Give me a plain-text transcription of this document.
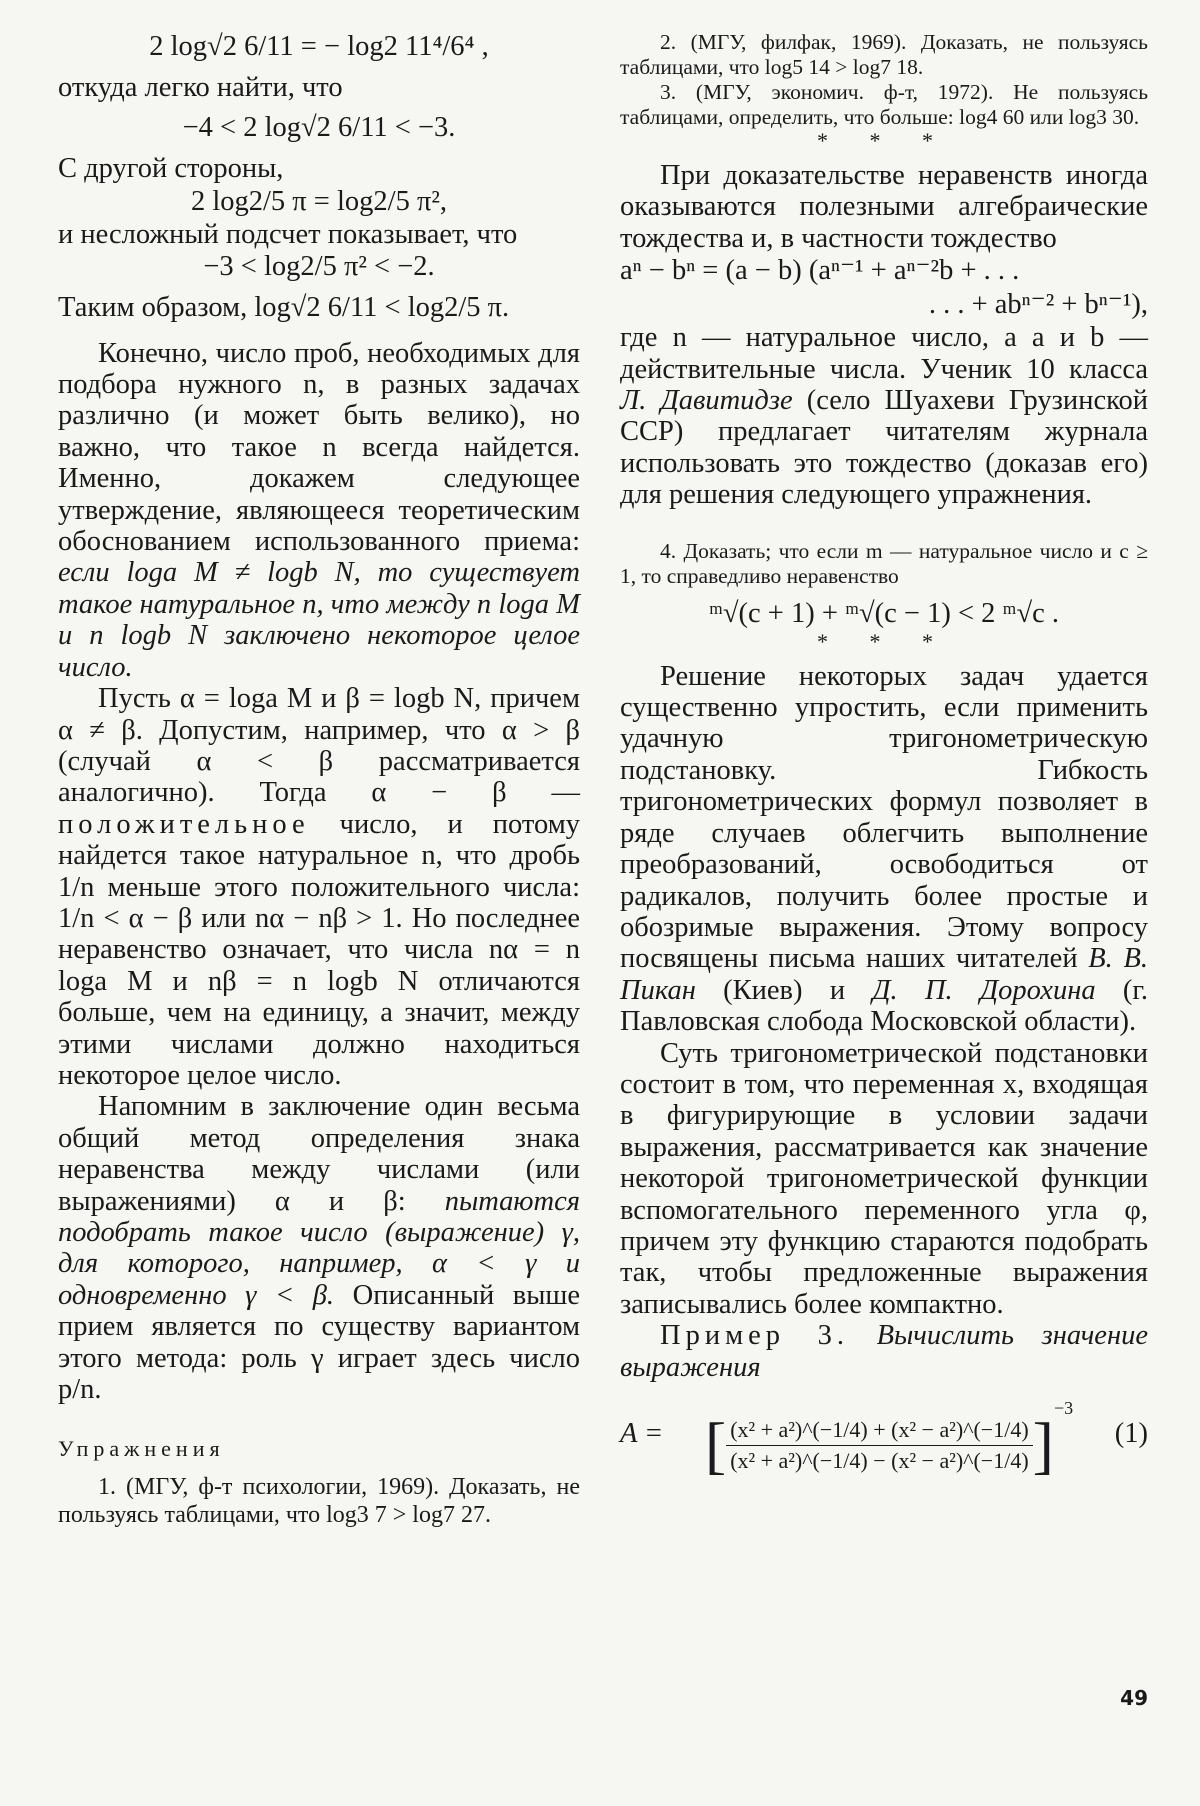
2 log√2 6/11 = − log2 11⁴/6⁴ ,

откуда легко найти, что

−4 < 2 log√2 6/11 < −3.

С другой стороны,

2 log2/5 π = log2/5 π²,

и несложный подсчет показывает, что

−3 < log2/5 π² < −2.

Таким образом, log√2 6/11 < log2/5 π.

Конечно, число проб, необходимых для подбора нужного n, в разных задачах различно (и может быть велико), но важно, что такое n всегда найдется. Именно, докажем следующее утверждение, являющееся теоретическим обоснованием использованного приема: если loga M ≠ logb N, то существует такое натуральное n, что между n loga M и n logb N заключено некоторое целое число.

Пусть α = loga M и β = logb N, причем α ≠ β. Допустим, например, что α > β (случай α < β рассматривается аналогично). Тогда α − β — положительное число, и потому найдется такое натуральное n, что дробь 1/n меньше этого положительного числа: 1/n < α − β или nα − nβ > 1. Но последнее неравенство означает, что числа nα = n loga M и nβ = n logb N отличаются больше, чем на единицу, а значит, между этими числами должно находиться некоторое целое число.

Напомним в заключение один весьма общий метод определения знака неравенства между числами (или выражениями) α и β: пытаются подобрать такое число (выражение) γ, для которого, например, α < γ и одновременно γ < β. Описанный выше прием является по существу вариантом этого метода: роль γ играет здесь число p/n.

Упражнения

1. (МГУ, ф-т психологии, 1969). Доказать, не пользуясь таблицами, что log3 7 > log7 27.

2. (МГУ, филфак, 1969). Доказать, не пользуясь таблицами, что log5 14 > log7 18.

3. (МГУ, экономич. ф-т, 1972). Не пользуясь таблицами, определить, что больше: log4 60 или log3 30.

* * *

При доказательстве неравенств иногда оказываются полезными алгебраические тождества и, в частности тождество

aⁿ − bⁿ = (a − b) (aⁿ⁻¹ + aⁿ⁻²b + . . .
. . . + abⁿ⁻² + bⁿ⁻¹),

где n — натуральное число, а a и b — действительные числа. Ученик 10 класса Л. Давитидзе (село Шуахеви Грузинской ССР) предлагает читателям журнала использовать это тождество (доказав его) для решения следующего упражнения.

4. Доказать; что если m — натуральное число и c ≥ 1, то справедливо неравенство

ᵐ√(c + 1) + ᵐ√(c − 1) < 2 ᵐ√c .
* * *

Решение некоторых задач удается существенно упростить, если применить удачную тригонометрическую подстановку. Гибкость тригонометрических формул позволяет в ряде случаев облегчить выполнение преобразований, освободиться от радикалов, получить более простые и обозримые выражения. Этому вопросу посвящены письма наших читателей В. В. Пикан (Киев) и Д. П. Дорохина (г. Павловская слобода Московской области).

Суть тригонометрической подстановки состоит в том, что переменная x, входящая в фигурирующие в условии задачи выражения, рассматривается как значение некоторой тригонометрической функции вспомогательного переменного угла φ, причем эту функцию стараются подобрать так, чтобы предложенные выражения записывались более компактно.

Пример 3. Вычислить значение выражения

A = [ $\frac{\text{(x² + a²)\textasciicircum{}(−1/4) + (x² − a²)\textasciicircum{}(−1/4)}}{\text{(x² + a²)\textasciicircum{}(−1/4) − (x² − a²)\textasciicircum{}(−1/4)}}]^{-3}$
(1)
49
